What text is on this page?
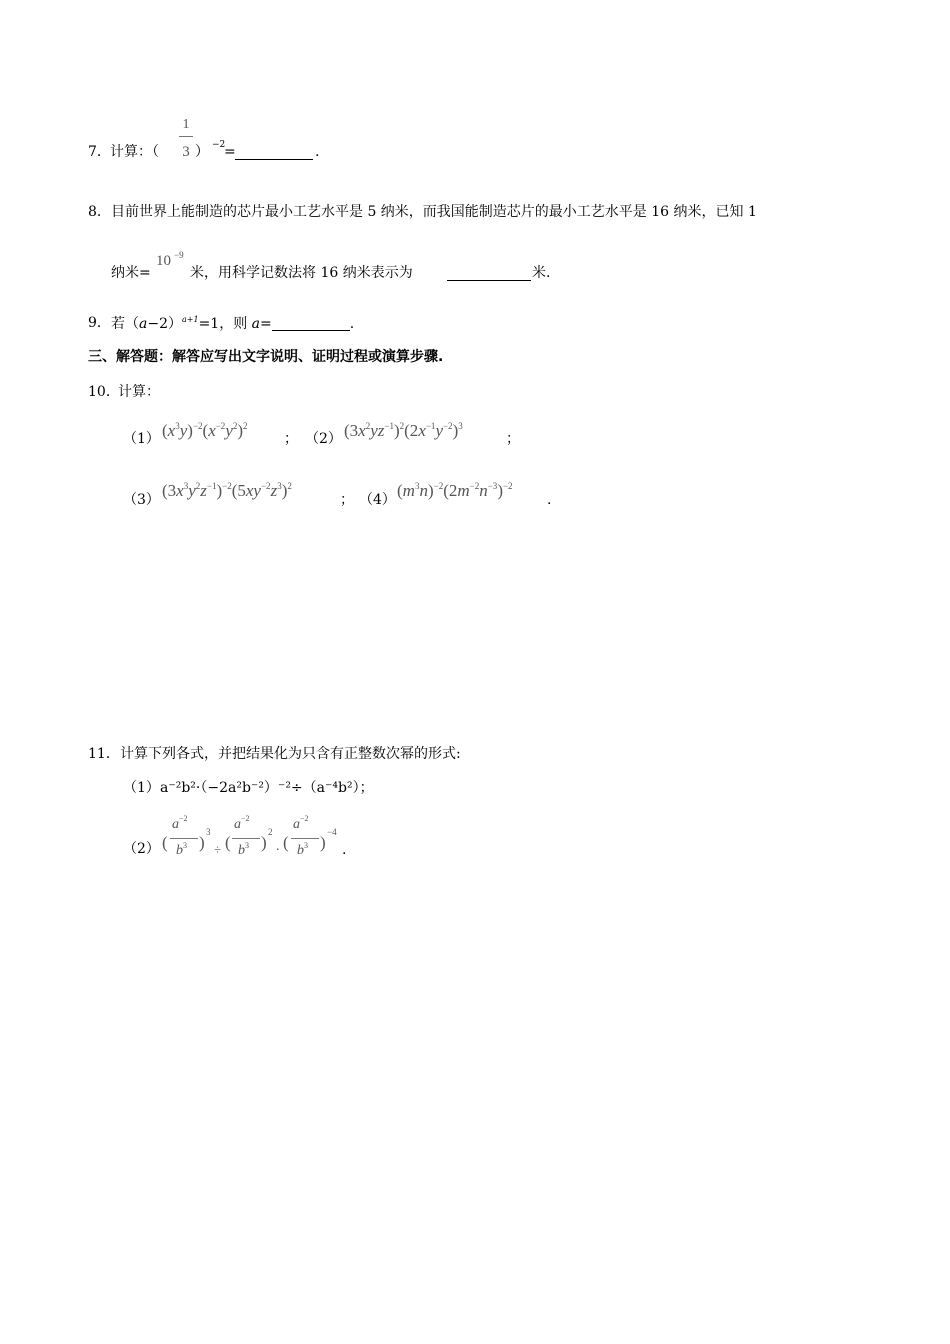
7． 计算：（
1
3 ） −2
=	.
8． 目前世界上能制造的芯片最小工艺水平是 5 纳米，而我国能制造芯片的最小工艺水平是 16 纳米，已知 1
纳米=
10 −9
米，用科学记数法将 16 纳米表示为	米.
9． 若$(a-2)^{a+1}=1$，则 a=	.
三、解答题：解答应写出文字说明、证明过程或演算步骤.
10．
计算：
（1） $(x^3y)^{-2}(x^{-2}y^2)^2$
； （2） $(3x^2yz^{-1})^2(2x^{-1}y^{-2})^3$
；
（3） $(3x^3y^2z^{-1})^{-2}(5xy^{-2}z^3)^2$
； （4） $(m^3n)^{-2}(2m^{-2}n^{-3})^{-2}$
.
11． 计算下列各式，并把结果化为只含有正整数次幂的形式:
（1） a⁻²b²·（−2a²b⁻²）⁻²÷（a⁻⁴b²）；
（2） (
$a^{-2}$
$b^3$ )
3
÷ (
$a^{-2}$
$b^3$ )
2
. (
$a^{-2}$
$b^3$ )
−4
.
